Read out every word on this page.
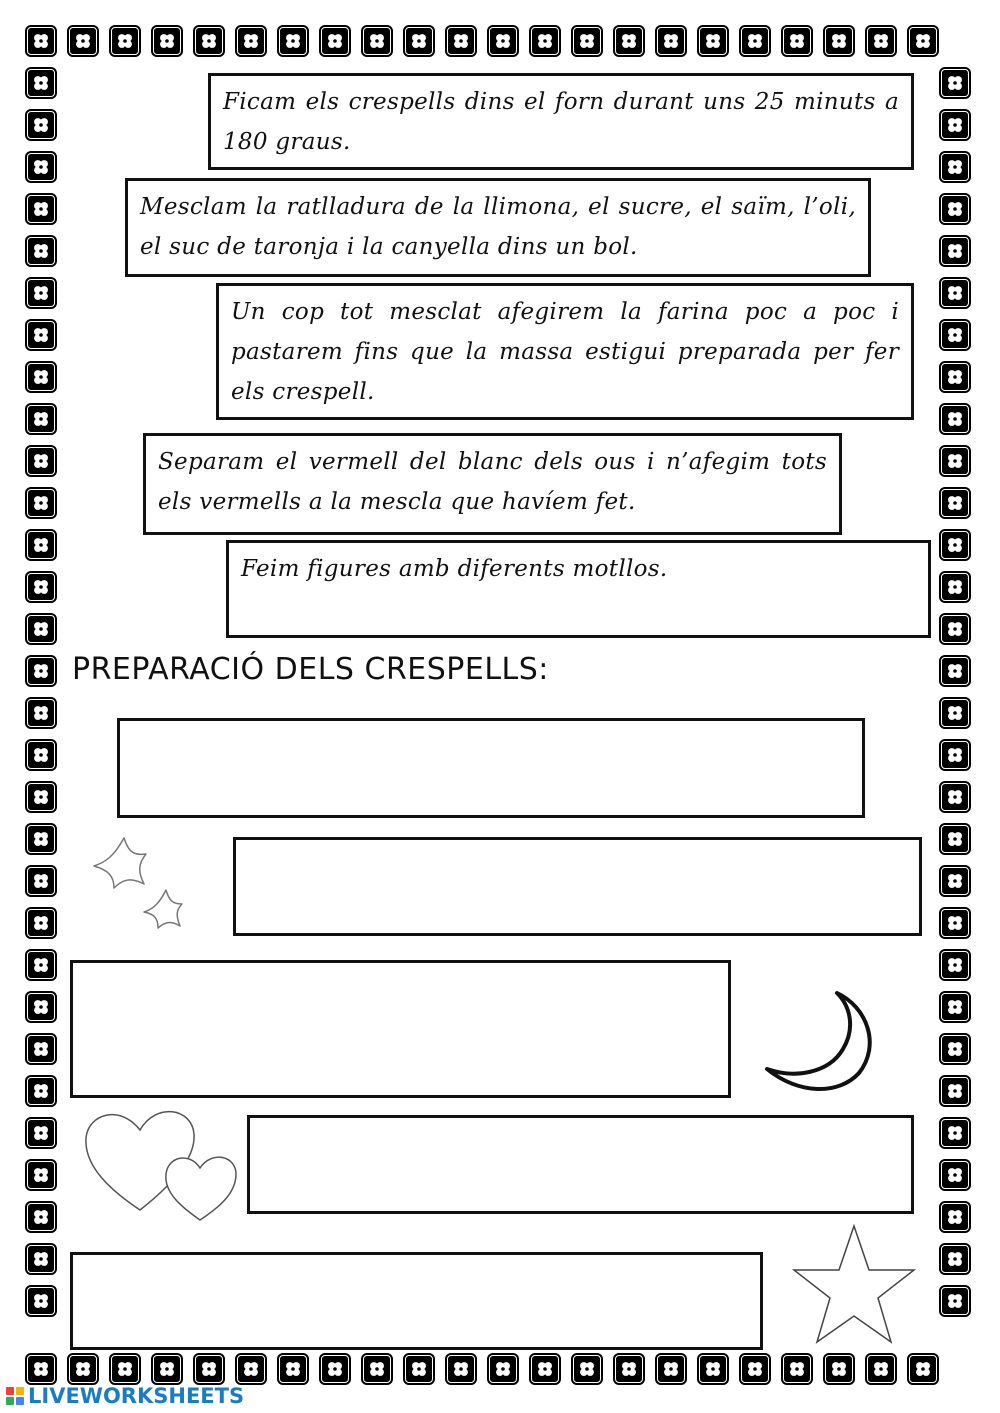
Ficam els crespells dins el forn durant uns 25 minuts a 180 graus.
Mesclam la ratlladura de la llimona, el sucre, el saïm, l’oli, el suc de taronja i la canyella dins un bol.
Un cop tot mesclat afegirem la farina poc a poc i pastarem fins que la massa estigui preparada per fer els crespell.
Separam el vermell del blanc dels ous i n’afegim tots els vermells a la mescla que havíem fet.
Feim figures amb diferents motllos.
PREPARACIÓ DELS CRESPELLS:
LIVEWORKSHEETS
